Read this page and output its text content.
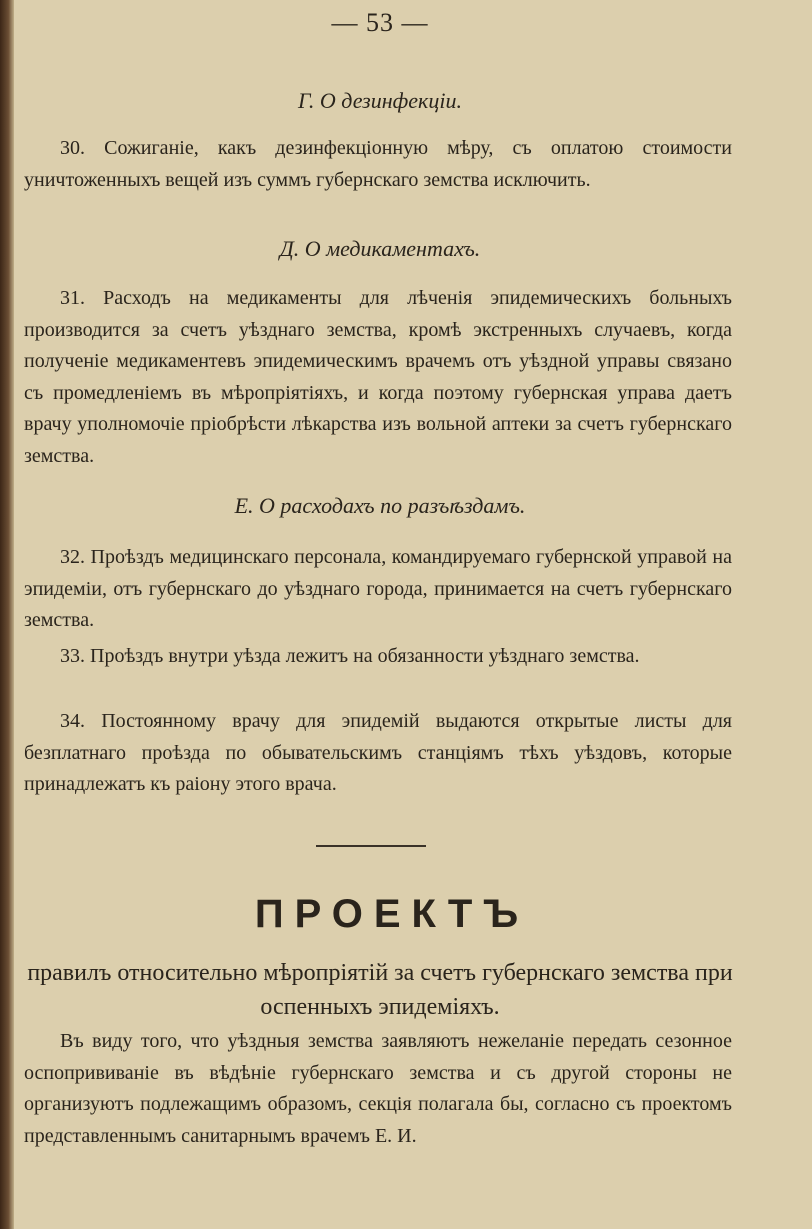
— 53 —
Г. О дезинфекціи.

30. Сожиганіе, какъ дезинфекціонную мѣру, съ оплатою стоимости уничтоженныхъ вещей изъ суммъ губернскаго земства исключить.

Д. О медикаментахъ.

31. Расходъ на медикаменты для лѣченія эпидемическихъ больныхъ производится за счетъ уѣзднаго земства, кромѣ экстренныхъ случаевъ, когда полученіе медикаментевъ эпидемическимъ врачемъ отъ уѣздной управы связано съ промедленіемъ въ мѣропріятіяхъ, и когда поэтому губернская управа даетъ врачу уполномочіе пріобрѣсти лѣкарства изъ вольной аптеки за счетъ губернскаго земства.

Е. О расходахъ по разъѣздамъ.

32. Проѣздъ медицинскаго персонала, командируемаго губернской управой на эпидеміи, отъ губернскаго до уѣзднаго города, принимается на счетъ губернскаго земства.

33. Проѣздъ внутри уѣзда лежитъ на обязанности уѣзднаго земства.

34. Постоянному врачу для эпидемій выдаются открытые листы для безплатнаго проѣзда по обывательскимъ станціямъ тѣхъ уѣздовъ, которые принадлежатъ къ раіону этого врача.

ПРОЕКТЪ
правилъ относительно мѣропріятій за счетъ губернскаго земства при оспенныхъ эпидеміяхъ.

Въ виду того, что уѣздныя земства заявляютъ нежеланіе передать сезонное оспопрививаніе въ вѣдѣніе губернскаго земства и съ другой стороны не организуютъ подлежащимъ образомъ, секція полагала бы, согласно съ проектомъ представленнымъ санитарнымъ врачемъ Е. И.
